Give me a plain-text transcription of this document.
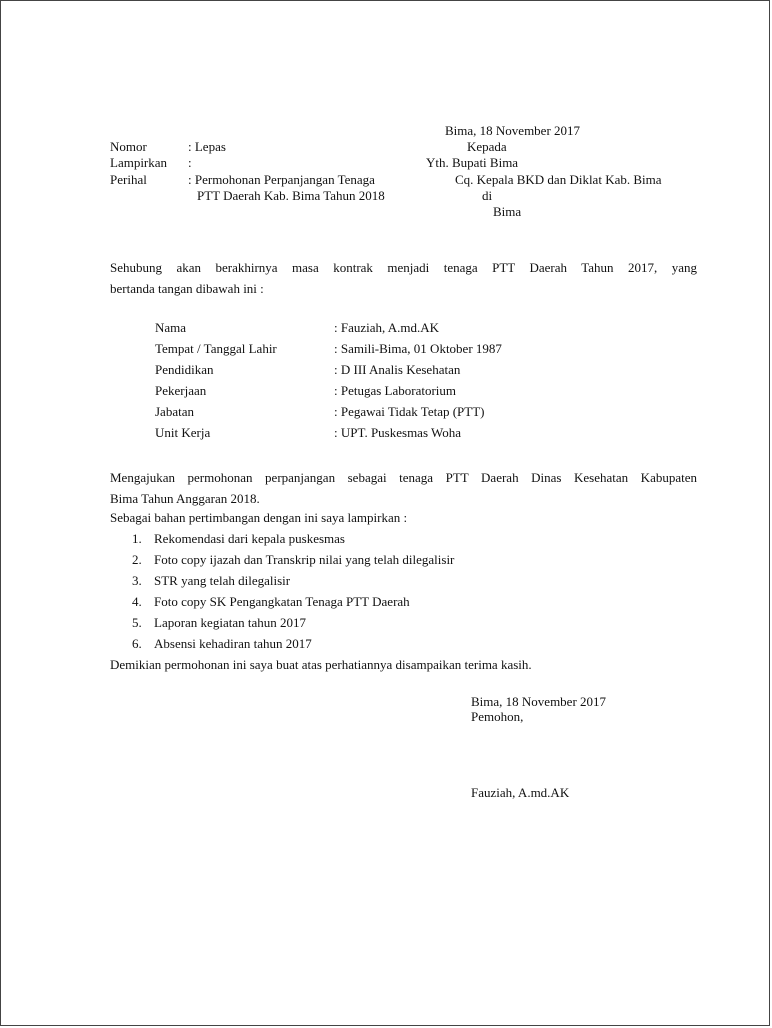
Bima, 18 November 2017
Kepada
Yth. Bupati Bima
Cq. Kepala BKD dan Diklat Kab. Bima
di
Bima
Nomor	: Lepas
Lampirkan :
Perihal	: Permohonan Perpanjangan Tenaga
PTT Daerah Kab. Bima Tahun 2018
Sehubung akan berakhirnya masa kontrak menjadi tenaga PTT Daerah Tahun 2017, yang
bertanda tangan dibawah ini :
Nama	: Fauziah, A.md.AK
Tempat / Tanggal Lahir	: Samili-Bima, 01 Oktober 1987
Pendidikan	: D III Analis Kesehatan
Pekerjaan	: Petugas Laboratorium
Jabatan	: Pegawai Tidak Tetap (PTT)
Unit Kerja	: UPT. Puskesmas Woha
Mengajukan permohonan perpanjangan sebagai tenaga PTT Daerah Dinas Kesehatan Kabupaten
Bima Tahun Anggaran 2018.
Sebagai bahan pertimbangan dengan ini saya lampirkan :
1. Rekomendasi dari kepala puskesmas
2. Foto copy ijazah dan Transkrip nilai yang telah dilegalisir
3. STR yang telah dilegalisir
4. Foto copy SK Pengangkatan Tenaga PTT Daerah
5. Laporan kegiatan tahun 2017
6. Absensi kehadiran tahun 2017
Demikian permohonan ini saya buat atas perhatiannya disampaikan terima kasih.
Bima, 18 November 2017
Pemohon,
Fauziah, A.md.AK
